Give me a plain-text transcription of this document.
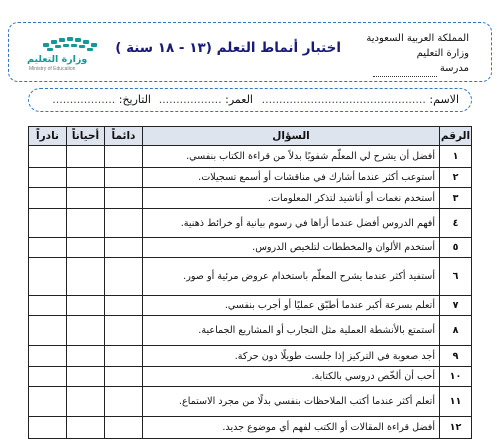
المملكة العربية السعودية
وزارة التعليم
مدرسة
اختبار أنماط التعلم (١٣ - ١٨ سنة )
وزارة التعليم
Ministry of Education
الاسم: ...............................................
العمر: ..................
التاريخ: ..................
الرقم	السؤال	دائماً	أحياناً	نادراً
١	أفضل أن يشرح لي المعلّم شفويًا بدلاً من قراءة الكتاب بنفسي.			
٢	أستوعب أكثر عندما أشارك في مناقشات أو أسمع تسجيلات.			
٣	أستخدم نغمات أو أناشيد لتذكر المعلومات.			
٤	أفهم الدروس أفضل عندما أراها في رسوم بيانية أو خرائط ذهنية.			
٥	أستخدم الألوان والمخططات لتلخيص الدروس.			
٦	أستفيد أكثر عندما يشرح المعلّم باستخدام عروض مرئية أو صور.			
٧	أتعلم بسرعة أكبر عندما أطبّق عمليًا أو أجرب بنفسي.			
٨	أستمتع بالأنشطة العملية مثل التجارب أو المشاريع الجماعية.			
٩	أجد صعوبة في التركيز إذا جلست طويلًا دون حركة.			
١٠	أحب أن ألخّص دروسي بالكتابة.			
١١	أتعلم أكثر عندما أكتب الملاحظات بنفسي بدلًا من مجرد الاستماع.			
١٢	أفضل قراءة المقالات أو الكتب لفهم أي موضوع جديد.			
